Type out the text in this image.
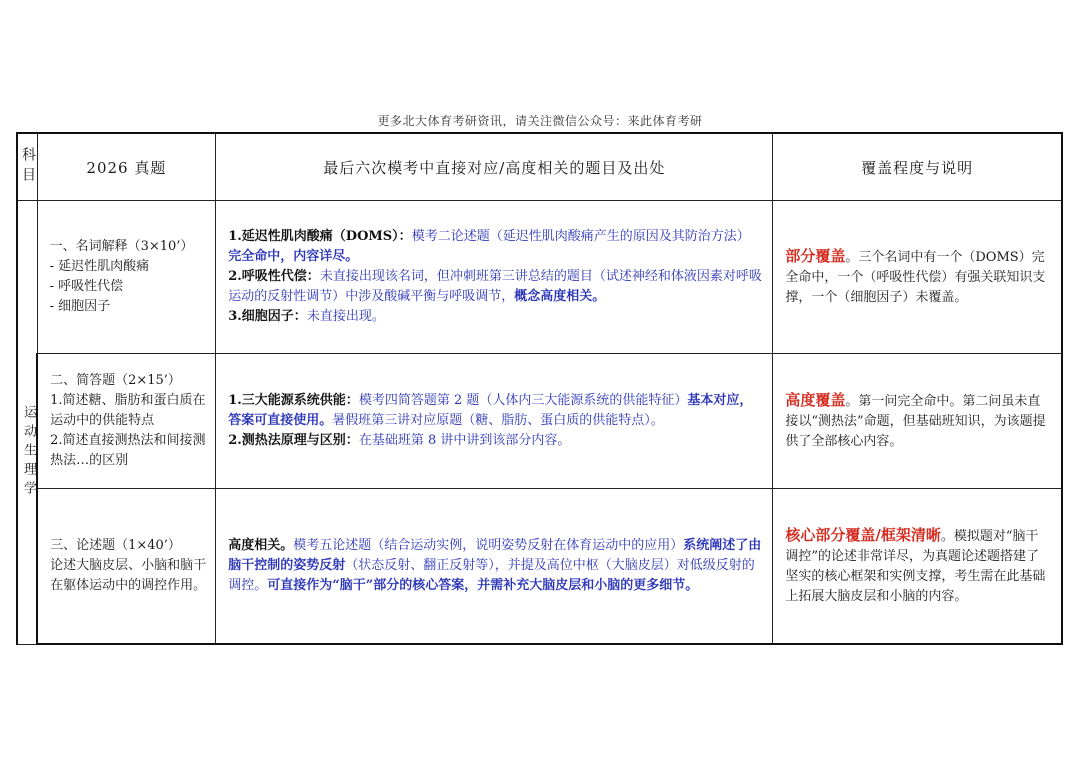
更多北大体育考研资讯，请关注微信公众号：来此体育考研
科目	2026 真题	最后六次模考中直接对应/高度相关的题目及出处	覆盖程度与说明

运动生理学	一、名词解释（3×10’）
- 延迟性肌肉酸痛
- 呼吸性代偿
- 细胞因子	1.延迟性肌肉酸痛（DOMS）：模考二论述题（延迟性肌肉酸痛产生的原因及其防治方法）完全命中，内容详尽。
2.呼吸性代偿：未直接出现该名词，但冲刺班第三讲总结的题目（试述神经和体液因素对呼吸运动的反射性调节）中涉及酸碱平衡与呼吸调节，概念高度相关。
3.细胞因子：未直接出现。	部分覆盖。三个名词中有一个（DOMS）完全命中，一个（呼吸性代偿）有强关联知识支撑，一个（细胞因子）未覆盖。

	二、简答题（2×15’）
1.简述糖、脂肪和蛋白质在运动中的供能特点
2.简述直接测热法和间接测热法…的区别	1.三大能源系统供能：模考四简答题第 2 题（人体内三大能源系统的供能特征）基本对应，答案可直接使用。暑假班第三讲对应原题（糖、脂肪、蛋白质的供能特点）。
2.测热法原理与区别：在基础班第 8 讲中讲到该部分内容。	高度覆盖。第一问完全命中。第二问虽未直接以“测热法”命题，但基础班知识，为该题提供了全部核心内容。

	三、论述题（1×40’）
论述大脑皮层、小脑和脑干在躯体运动中的调控作用。	高度相关。模考五论述题（结合运动实例，说明姿势反射在体育运动中的应用）系统阐述了由脑干控制的姿势反射（状态反射、翻正反射等），并提及高位中枢（大脑皮层）对低级反射的调控。可直接作为“脑干”部分的核心答案，并需补充大脑皮层和小脑的更多细节。	核心部分覆盖/框架清晰。模拟题对“脑干调控”的论述非常详尽，为真题论述题搭建了坚实的核心框架和实例支撑，考生需在此基础上拓展大脑皮层和小脑的内容。
